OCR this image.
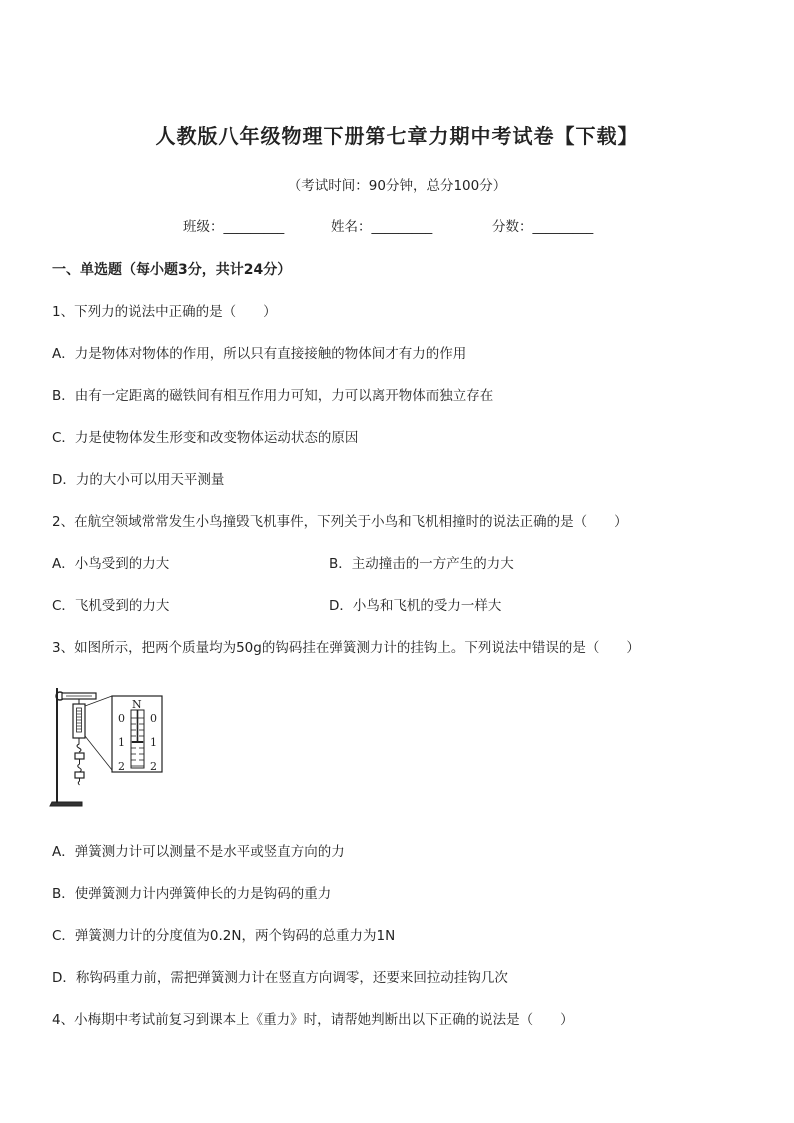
人教版八年级物理下册第七章力期中考试卷【下载】
（考试时间：90分钟，总分100分）
班级：_________	姓名：_________	分数：_________
一、单选题（每小题3分，共计24分）
1、下列力的说法中正确的是（　　）
A．力是物体对物体的作用，所以只有直接接触的物体间才有力的作用
B．由有一定距离的磁铁间有相互作用力可知，力可以离开物体而独立存在
C．力是使物体发生形变和改变物体运动状态的原因
D．力的大小可以用天平测量
2、在航空领域常常发生小鸟撞毁飞机事件，下列关于小鸟和飞机相撞时的说法正确的是（　　）
A．小鸟受到的力大	B．主动撞击的一方产生的力大
C．飞机受到的力大	D．小鸟和飞机的受力一样大
3、如图所示，把两个质量均为50g的钩码挂在弹簧测力计的挂钩上。下列说法中错误的是（　　）
N
0
1
2
0
1
2
A．弹簧测力计可以测量不是水平或竖直方向的力
B．使弹簧测力计内弹簧伸长的力是钩码的重力
C．弹簧测力计的分度值为0.2N，两个钩码的总重力为1N
D．称钩码重力前，需把弹簧测力计在竖直方向调零，还要来回拉动挂钩几次
4、小梅期中考试前复习到课本上《重力》时，请帮她判断出以下正确的说法是（　　）
